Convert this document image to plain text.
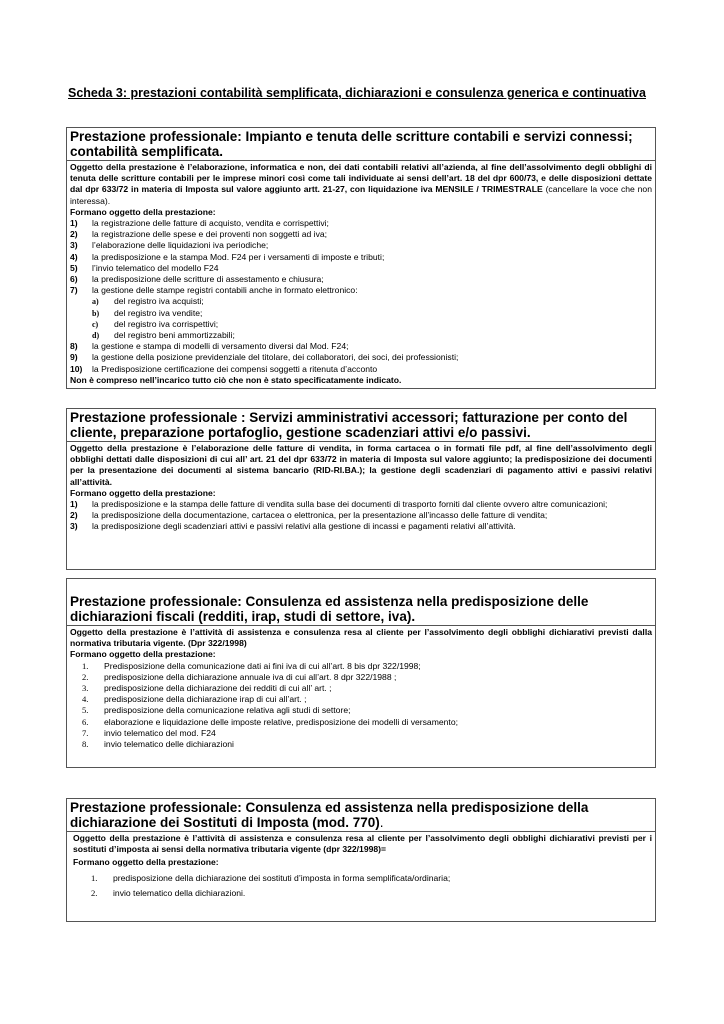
Scheda 3: prestazioni contabilità semplificata, dichiarazioni e consulenza generica e continuativa
Prestazione professionale: Impianto e tenuta delle scritture contabili e servizi connessi; contabilità semplificata.
Oggetto della prestazione è l’elaborazione, informatica e non, dei dati contabili relativi all’azienda, al fine dell’assolvimento degli obblighi di tenuta delle scritture contabili per le imprese minori così come tali individuate ai sensi dell’art. 18 del dpr 600/73, e delle disposizioni dettate dal dpr 633/72 in materia di Imposta sul valore aggiunto artt. 21-27, con liquidazione iva MENSILE / TRIMESTRALE (cancellare la voce che non interessa).
Formano oggetto della prestazione:
1)	la registrazione delle fatture di acquisto, vendita e corrispettivi;
2)	la registrazione delle spese e dei proventi non soggetti ad iva;
3)	l’elaborazione delle liquidazioni iva periodiche;
4)	la predisposizione e la stampa Mod. F24 per i versamenti di imposte e tributi;
5)	l’invio telematico del modello F24
6)	la predisposizione delle scritture di assestamento e chiusura;
7)	la gestione delle stampe registri contabili anche in formato elettronico:
a)	del registro iva acquisti;
b)	del registro iva vendite;
c)	del registro iva corrispettivi;
d)	del registro beni ammortizzabili;
8)	la gestione e stampa di modelli di versamento diversi dal Mod. F24;
9)	la gestione della posizione previdenziale del titolare, dei collaboratori, dei soci, dei professionisti;
10)	la Predisposizione certificazione dei compensi soggetti a ritenuta d’acconto
Non è compreso nell’incarico tutto ciò che non è stato specificatamente indicato.
Prestazione professionale : Servizi amministrativi accessori; fatturazione per conto del cliente, preparazione portafoglio, gestione scadenziari attivi e/o passivi.
Oggetto della prestazione è l’elaborazione delle fatture di vendita, in forma cartacea o in formati file pdf, al fine dell’assolvimento degli obblighi dettati dalle disposizioni di cui all’ art. 21 del dpr 633/72 in materia di Imposta sul valore aggiunto; la predisposizione dei documenti per la presentazione dei documenti al sistema bancario (RID-RI.BA.); la gestione degli scadenziari di pagamento attivi e passivi relativi all’attività.
Formano oggetto della prestazione:
1)	la predisposizione e la stampa delle fatture di vendita sulla base dei documenti di trasporto forniti dal cliente ovvero altre comunicazioni;
2)	la predisposizione della documentazione, cartacea o elettronica, per la presentazione all’incasso delle fatture di vendita;
3)	la predisposizione degli scadenziari attivi e passivi relativi alla gestione di incassi e pagamenti relativi all’attività.
Prestazione professionale: Consulenza ed assistenza nella predisposizione delle dichiarazioni fiscali (redditi, irap, studi di settore, iva).
Oggetto della prestazione è l’attività di assistenza e consulenza resa al cliente per l’assolvimento degli obblighi dichiarativi previsti dalla normativa tributaria vigente. (Dpr 322/1998)
Formano oggetto della prestazione:
1.	Predisposizione della comunicazione dati ai fini iva di cui all’art. 8 bis dpr 322/1998;
2.	predisposizione della dichiarazione annuale iva di cui all’art. 8 dpr 322/1988 ;
3.	predisposizione della dichiarazione dei redditi di cui all’ art. ;
4.	predisposizione della dichiarazione irap di cui all’art. ;
5.	predisposizione della comunicazione relativa agli studi di settore;
6.	elaborazione e liquidazione delle imposte relative, predisposizione dei modelli di versamento;
7.	invio telematico del mod. F24
8.	invio telematico delle dichiarazioni
Prestazione professionale: Consulenza ed assistenza nella predisposizione della dichiarazione dei Sostituti di Imposta (mod. 770).
Oggetto della prestazione è l’attività di assistenza e consulenza resa al cliente per l’assolvimento degli obblighi dichiarativi previsti per i sostituti d’imposta ai sensi della normativa tributaria vigente (dpr 322/1998)=
Formano oggetto della prestazione:
1.	predisposizione della dichiarazione dei sostituti d’imposta in forma semplificata/ordinaria;
2.	invio telematico della dichiarazioni.
